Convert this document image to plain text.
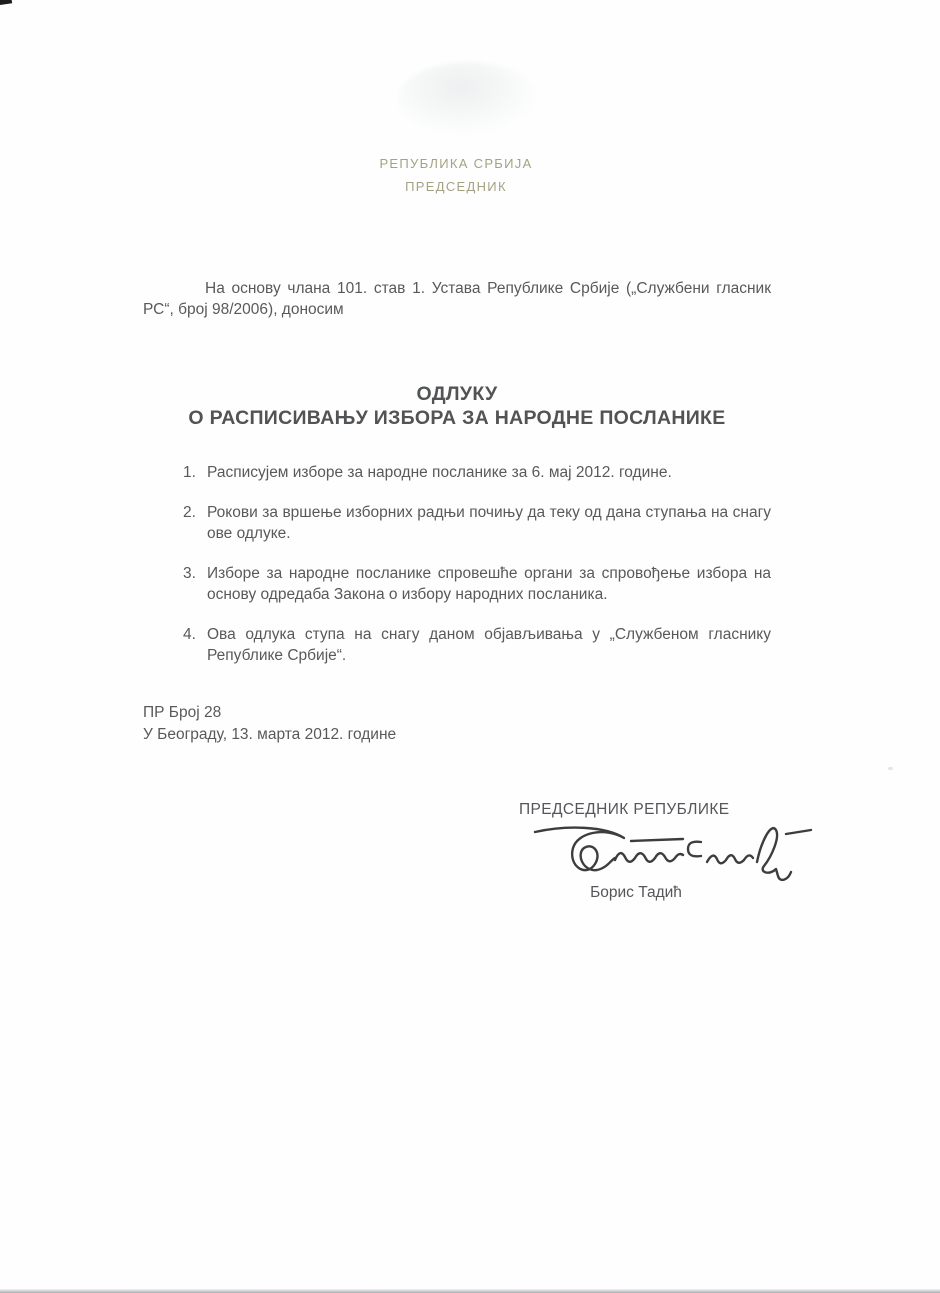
РЕПУБЛИКА СРБИЈА
ПРЕДСЕДНИК

На основу члана 101. став 1. Устава Републике Србије („Службени гласник РС“, број 98/2006), доносим

ОДЛУКУ
О РАСПИСИВАЊУ ИЗБОРА ЗА НАРОДНЕ ПОСЛАНИКЕ
1. Расписујем изборе за народне посланике за 6. мај 2012. године.
2. Рокови за вршење изборних радњи почињу да теку од дана ступања на снагу ове одлуке.
3. Изборе за народне посланике спровешће органи за спровођење избора на основу одредаба Закона о избору народних посланика.
4. Ова одлука ступа на снагу даном објављивања у „Службеном гласнику Републике Србије“.
ПР Број 28
У Београду, 13. марта 2012. године
ПРЕДСЕДНИК РЕПУБЛИКЕ
Борис Тадић
